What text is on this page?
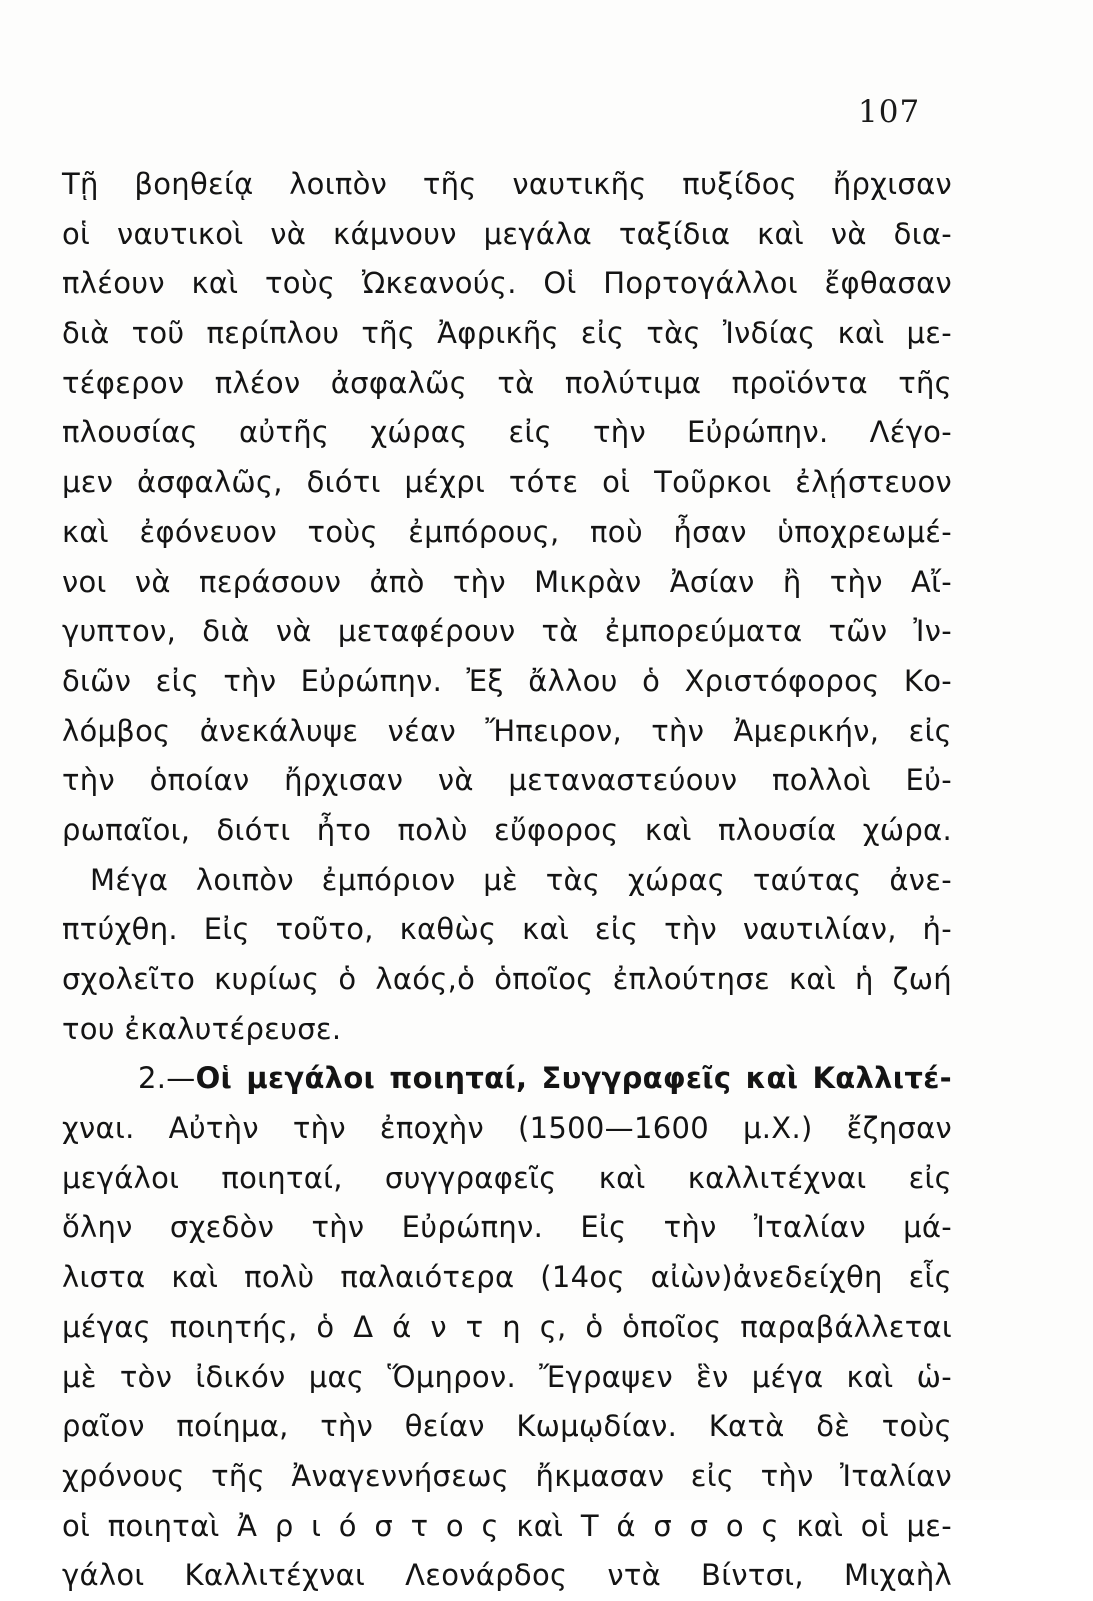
107
Τῇ βοηθείᾳ λοιπὸν τῆς ναυτικῆς πυξίδος ἤρχισαν
οἱ ναυτικοὶ νὰ κάμνουν μεγάλα ταξίδια καὶ νὰ δια-
πλέουν καὶ τοὺς Ὠκεανούς. Οἱ Πορτογάλλοι ἔφθασαν
διὰ τοῦ περίπλου τῆς Ἀφρικῆς εἰς τὰς Ἰνδίας καὶ με-
τέφερον πλέον ἀσφαλῶς τὰ πολύτιμα προϊόντα τῆς
πλουσίας αὐτῆς χώρας εἰς τὴν Εὐρώπην. Λέγο-
μεν ἀσφαλῶς, διότι μέχρι τότε οἱ Τοῦρκοι ἐλῄστευον
καὶ ἐφόνευον τοὺς ἐμπόρους, ποὺ ἦσαν ὑποχρεωμέ-
νοι νὰ περάσουν ἀπὸ τὴν Μικρὰν Ἀσίαν ἢ τὴν Αἴ-
γυπτον, διὰ νὰ μεταφέρουν τὰ ἐμπορεύματα τῶν Ἰν-
διῶν εἰς τὴν Εὐρώπην. Ἐξ ἄλλου ὁ Χριστόφορος Κο-
λόμβος ἀνεκάλυψε νέαν Ἤπειρον, τὴν Ἀμερικήν, εἰς
τὴν ὁποίαν ἤρχισαν νὰ μεταναστεύουν πολλοὶ Εὐ-
ρωπαῖοι, διότι ἦτο πολὺ εὔφορος καὶ πλουσία χώρα.
Μέγα λοιπὸν ἐμπόριον μὲ τὰς χώρας ταύτας ἀνε-
πτύχθη. Εἰς τοῦτο, καθὼς καὶ εἰς τὴν ναυτιλίαν, ἠ-
σχολεῖτο κυρίως ὁ λαός,ὁ ὁποῖος ἐπλούτησε καὶ ἡ ζωή
του ἐκαλυτέρευσε.
2.—Οἱ μεγάλοι ποιηταί, Συγγραφεῖς καὶ Καλλιτέ-
χναι. Αὐτὴν τὴν ἐποχὴν (1500—1600 μ.Χ.) ἔζησαν
μεγάλοι ποιηταί, συγγραφεῖς καὶ καλλιτέχναι εἰς
ὅλην σχεδὸν τὴν Εὐρώπην. Εἰς τὴν Ἰταλίαν μά-
λιστα καὶ πολὺ παλαιότερα (14ος αἰὼν)ἀνεδείχθη εἷς
μέγας ποιητής, ὁ Δ ά ν τ η ς, ὁ ὁποῖος παραβάλλεται
μὲ τὸν ἰδικόν μας Ὅμηρον. Ἔγραψεν ἓν μέγα καὶ ὡ-
ραῖον ποίημα, τὴν θείαν Κωμῳδίαν. Κατὰ δὲ τοὺς
χρόνους τῆς Ἀναγεννήσεως ἤκμασαν εἰς τὴν Ἰταλίαν
οἱ ποιηταὶ Ἀ ρ ι ό σ τ ο ς καὶ Τ ά σ σ ο ς καὶ οἱ με-
γάλοι Καλλιτέχναι Λεονάρδος ντὰ Βίντσι, Μιχαὴλ
